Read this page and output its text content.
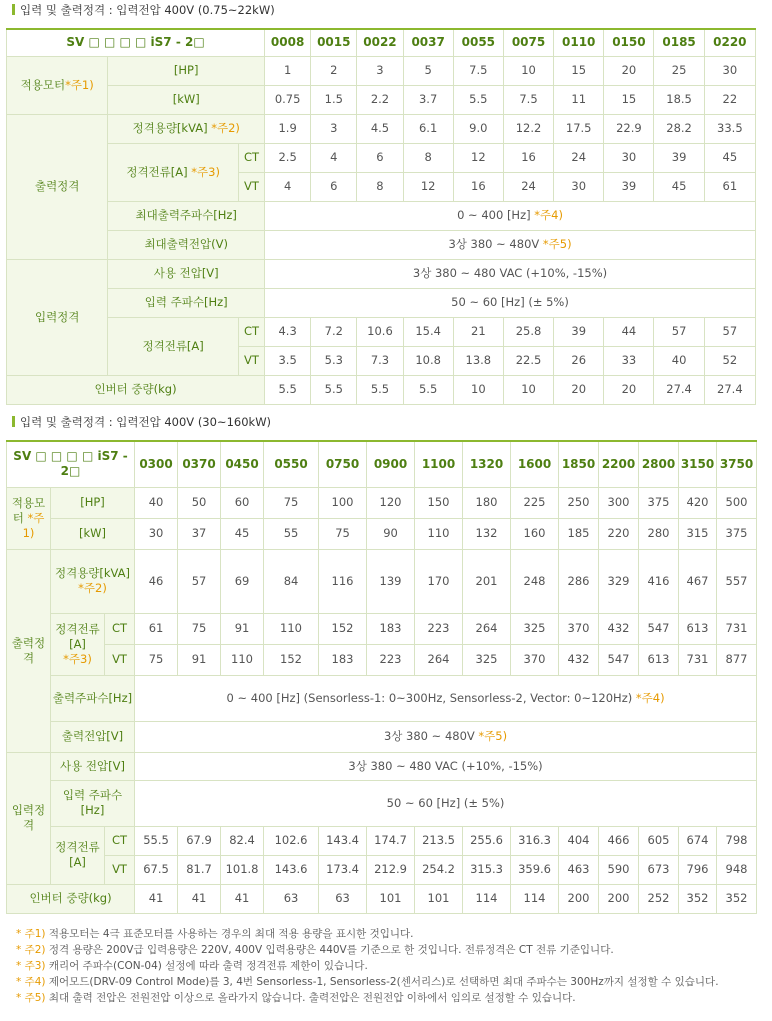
입력 및 출력정격 : 입력전압 400V (0.75~22kW)
SV □ □ □ □ iS7 - 2□			0008	0015	0022	0037	0055	0075	0110	0150	0185	0220
적용모터*주1)	[HP]		1	2	3	5	7.5	10	15	20	25	30
	[kW]		0.75	1.5	2.2	3.7	5.5	7.5	11	15	18.5	22
출력정격	정격용량[kVA] *주2)		1.9	3	4.5	6.1	9.0	12.2	17.5	22.9	28.2	33.5
	정격전류[A] *주3)	CT	2.5	4	6	8	12	16	24	30	39	45
		VT	4	6	8	12	16	24	30	39	45	61
	최대출력주파수[Hz]		0 ~ 400 [Hz] *주4)									
	최대출력전압(V)		3상 380 ~ 480V *주5)									
입력정격	사용 전압[V]		3상 380 ~ 480 VAC (+10%, -15%)									
	입력 주파수[Hz]		50 ~ 60 [Hz] (± 5%)									
	정격전류[A]	CT	4.3	7.2	10.6	15.4	21	25.8	39	44	57	57
		VT	3.5	5.3	7.3	10.8	13.8	22.5	26	33	40	52
인버터 중량(kg)			5.5	5.5	5.5	5.5	10	10	20	20	27.4	27.4
입력 및 출력정격 : 입력전압 400V (30~160kW)
SV □ □ □ □ iS7 - 2□			0300	0370	0450	0550	0750	0900	1100	1320	1600	1850	2200	2800	3150	3750
적용모터 *주1)	[HP]		40	50	60	75	100	120	150	180	225	250	300	375	420	500
	[kW]		30	37	45	55	75	90	110	132	160	185	220	280	315	375
출력정격	정격용량[kVA]
*주2)		46	57	69	84	116	139	170	201	248	286	329	416	467	557
	정격전류[A]
*주3)	CT	61	75	91	110	152	183	223	264	325	370	432	547	613	731
		VT	75	91	110	152	183	223	264	325	370	432	547	613	731	877
	출력주파수[Hz]		0 ~ 400 [Hz] (Sensorless-1: 0~300Hz, Sensorless-2, Vector: 0~120Hz) *주4)													
	출력전압[V]		3상 380 ~ 480V *주5)													
입력정격	사용 전압[V]		3상 380 ~ 480 VAC (+10%, -15%)													
	입력 주파수[Hz]		50 ~ 60 [Hz] (± 5%)													
	정격전류[A]	CT	55.5	67.9	82.4	102.6	143.4	174.7	213.5	255.6	316.3	404	466	605	674	798
		VT	67.5	81.7	101.8	143.6	173.4	212.9	254.2	315.3	359.6	463	590	673	796	948
인버터 중량(kg)			41	41	41	63	63	101	101	114	114	200	200	252	352	352
* 주1) 적용모터는 4극 표준모터를 사용하는 경우의 최대 적용 용량을 표시한 것입니다.
* 주2) 정격 용량은 200V급 입력용량은 220V, 400V 입력용량은 440V를 기준으로 한 것입니다. 전류정격은 CT 전류 기준입니다.
* 주3) 캐리어 주파수(CON-04) 설정에 따라 출력 정격전류 제한이 있습니다.
* 주4) 제어모드(DRV-09 Control Mode)를 3, 4번 Sensorless-1, Sensorless-2(센서리스)로 선택하면 최대 주파수는 300Hz까지 설정할 수 있습니다.
* 주5) 최대 출력 전압은 전원전압 이상으로 올라가지 않습니다. 출력전압은 전원전압 이하에서 임의로 설정할 수 있습니다.
